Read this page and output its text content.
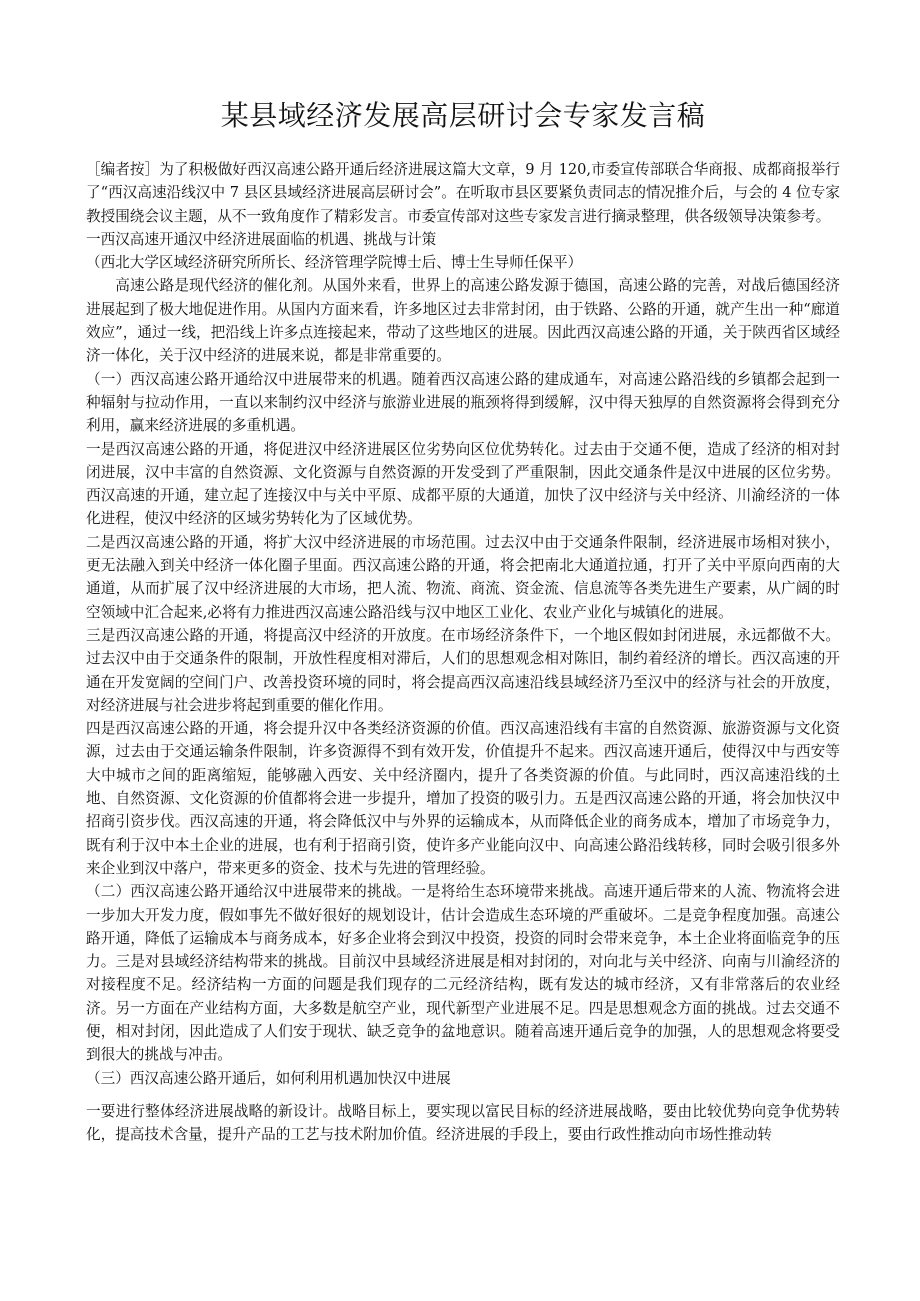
某县域经济发展高层研讨会专家发言稿

［编者按］为了积极做好西汉高速公路开通后经济进展这篇大文章，9 月 120,市委宣传部联合华商报、成都商报举行了“西汉高速沿线汉中 7 县区县域经济进展高层研讨会”。在听取市县区要紧负责同志的情况推介后，与会的 4 位专家教授围绕会议主题，从不一致角度作了精彩发言。市委宣传部对这些专家发言进行摘录整理，供各级领导决策参考。

一西汉高速开通汉中经济进展面临的机遇、挑战与计策

（西北大学区域经济研究所所长、经济管理学院博士后、博士生导师任保平）

高速公路是现代经济的催化剂。从国外来看，世界上的高速公路发源于德国，高速公路的完善，对战后德国经济进展起到了极大地促进作用。从国内方面来看，许多地区过去非常封闭，由于铁路、公路的开通，就产生出一种“廊道效应”，通过一线，把沿线上许多点连接起来，带动了这些地区的进展。因此西汉高速公路的开通，关于陕西省区域经济一体化，关于汉中经济的进展来说，都是非常重要的。

（一）西汉高速公路开通给汉中进展带来的机遇。随着西汉高速公路的建成通车，对高速公路沿线的乡镇都会起到一种辐射与拉动作用，一直以来制约汉中经济与旅游业进展的瓶颈将得到缓解，汉中得天独厚的自然资源将会得到充分利用，赢来经济进展的多重机遇。

一是西汉高速公路的开通，将促进汉中经济进展区位劣势向区位优势转化。过去由于交通不便，造成了经济的相对封闭进展，汉中丰富的自然资源、文化资源与自然资源的开发受到了严重限制，因此交通条件是汉中进展的区位劣势。西汉高速的开通，建立起了连接汉中与关中平原、成都平原的大通道，加快了汉中经济与关中经济、川渝经济的一体化进程，使汉中经济的区域劣势转化为了区域优势。

二是西汉高速公路的开通，将扩大汉中经济进展的市场范围。过去汉中由于交通条件限制，经济进展市场相对狭小，更无法融入到关中经济一体化圈子里面。西汉高速公路的开通，将会把南北大通道拉通，打开了关中平原向西南的大通道，从而扩展了汉中经济进展的大市场，把人流、物流、商流、资金流、信息流等各类先进生产要素，从广阔的时空领域中汇合起来,必将有力推进西汉高速公路沿线与汉中地区工业化、农业产业化与城镇化的进展。

三是西汉高速公路的开通，将提高汉中经济的开放度。在市场经济条件下，一个地区假如封闭进展，永远都做不大。过去汉中由于交通条件的限制，开放性程度相对滞后，人们的思想观念相对陈旧，制约着经济的增长。西汉高速的开通在开发宽阔的空间门户、改善投资环境的同时，将会提高西汉高速沿线县域经济乃至汉中的经济与社会的开放度，对经济进展与社会进步将起到重要的催化作用。

四是西汉高速公路的开通，将会提升汉中各类经济资源的价值。西汉高速沿线有丰富的自然资源、旅游资源与文化资源，过去由于交通运输条件限制，许多资源得不到有效开发，价值提升不起来。西汉高速开通后，使得汉中与西安等大中城市之间的距离缩短，能够融入西安、关中经济圈内，提升了各类资源的价值。与此同时，西汉高速沿线的土地、自然资源、文化资源的价值都将会进一步提升，增加了投资的吸引力。五是西汉高速公路的开通，将会加快汉中招商引资步伐。西汉高速的开通，将会降低汉中与外界的运输成本，从而降低企业的商务成本，增加了市场竞争力，既有利于汉中本土企业的进展，也有利于招商引资，使许多产业能向汉中、向高速公路沿线转移，同时会吸引很多外来企业到汉中落户，带来更多的资金、技术与先进的管理经验。

（二）西汉高速公路开通给汉中进展带来的挑战。一是将给生态环境带来挑战。高速开通后带来的人流、物流将会进一步加大开发力度，假如事先不做好很好的规划设计，估计会造成生态环境的严重破坏。二是竞争程度加强。高速公路开通，降低了运输成本与商务成本，好多企业将会到汉中投资，投资的同时会带来竞争，本土企业将面临竞争的压力。三是对县域经济结构带来的挑战。目前汉中县域经济进展是相对封闭的，对向北与关中经济、向南与川渝经济的对接程度不足。经济结构一方面的问题是我们现存的二元经济结构，既有发达的城市经济，又有非常落后的农业经济。另一方面在产业结构方面，大多数是航空产业，现代新型产业进展不足。四是思想观念方面的挑战。过去交通不便，相对封闭，因此造成了人们安于现状、缺乏竞争的盆地意识。随着高速开通后竞争的加强，人的思想观念将要受到很大的挑战与冲击。

（三）西汉高速公路开通后，如何利用机遇加快汉中进展

一要进行整体经济进展战略的新设计。战略目标上，要实现以富民目标的经济进展战略，要由比较优势向竞争优势转化，提高技术含量，提升产品的工艺与技术附加价值。经济进展的手段上，要由行政性推动向市场性推动转
